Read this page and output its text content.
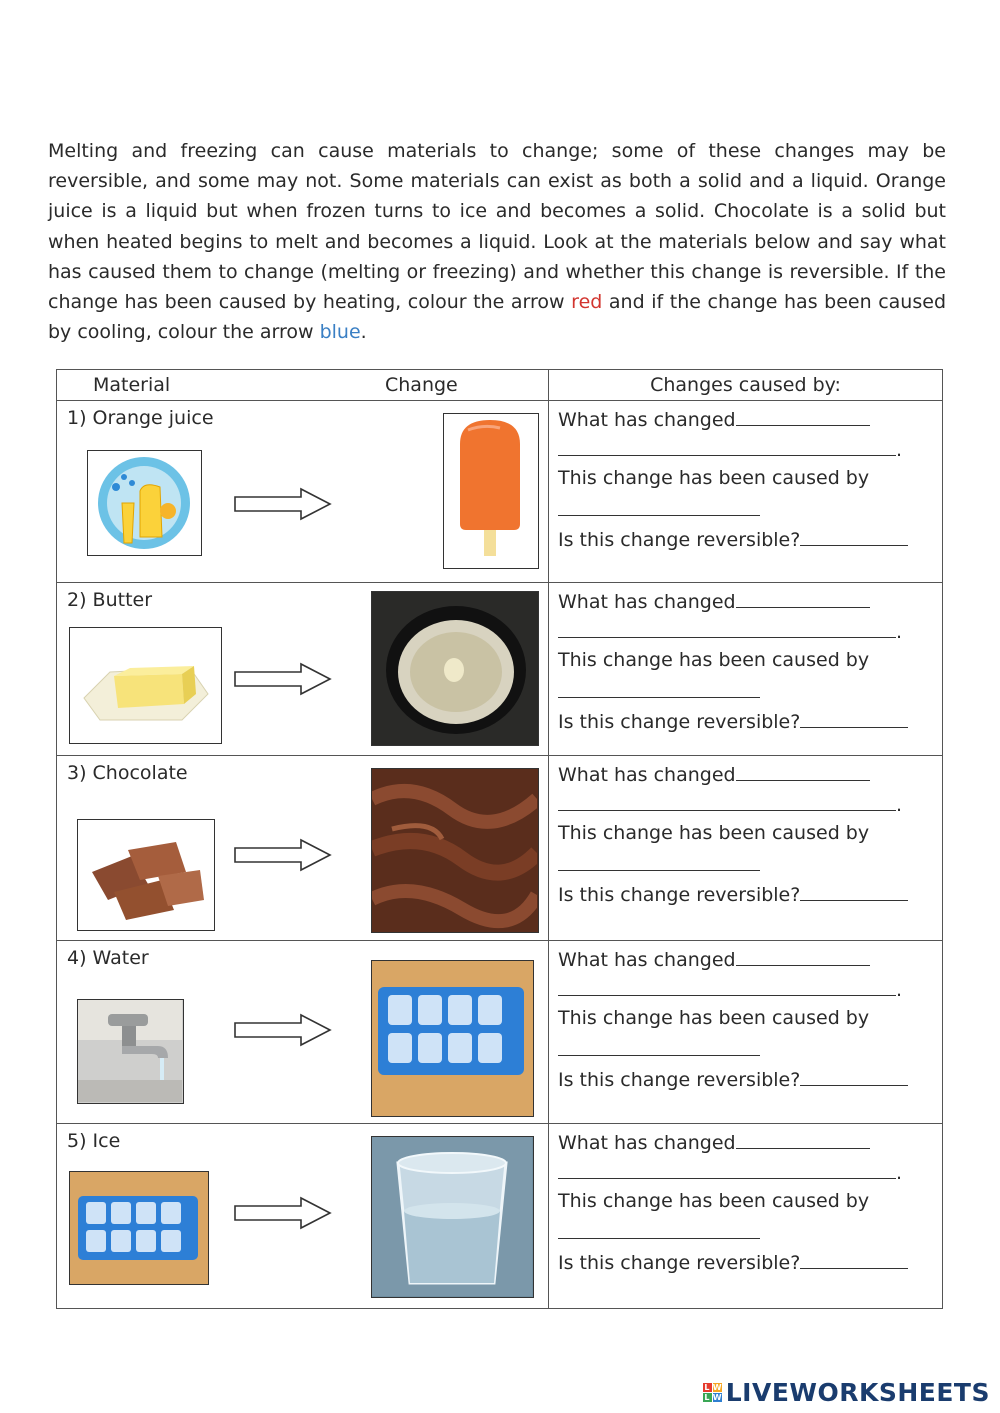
Melting and freezing can cause materials to change; some of these changes may be reversible, and some may not. Some materials can exist as both a solid and a liquid. Orange juice is a liquid but when frozen turns to ice and becomes a solid. Chocolate is a solid but when heated begins to melt and becomes a liquid. Look at the materials below and say what has caused them to change (melting or freezing) and whether this change is reversible. If the change has been caused by heating, colour the arrow red and if the change has been caused by cooling, colour the arrow blue.
Material Change	Changes caused by:

1) Orange juice	What has changed
.
This change has been caused by
Is this change reversible?

2) Butter	What has changed
.
This change has been caused by
Is this change reversible?

3) Chocolate	What has changed
.
This change has been caused by
Is this change reversible?

4) Water	What has changed
.
This change has been caused by
Is this change reversible?

5) Ice	What has changed
.
This change has been caused by
Is this change reversible?
L W
L W LIVEWORKSHEETS
